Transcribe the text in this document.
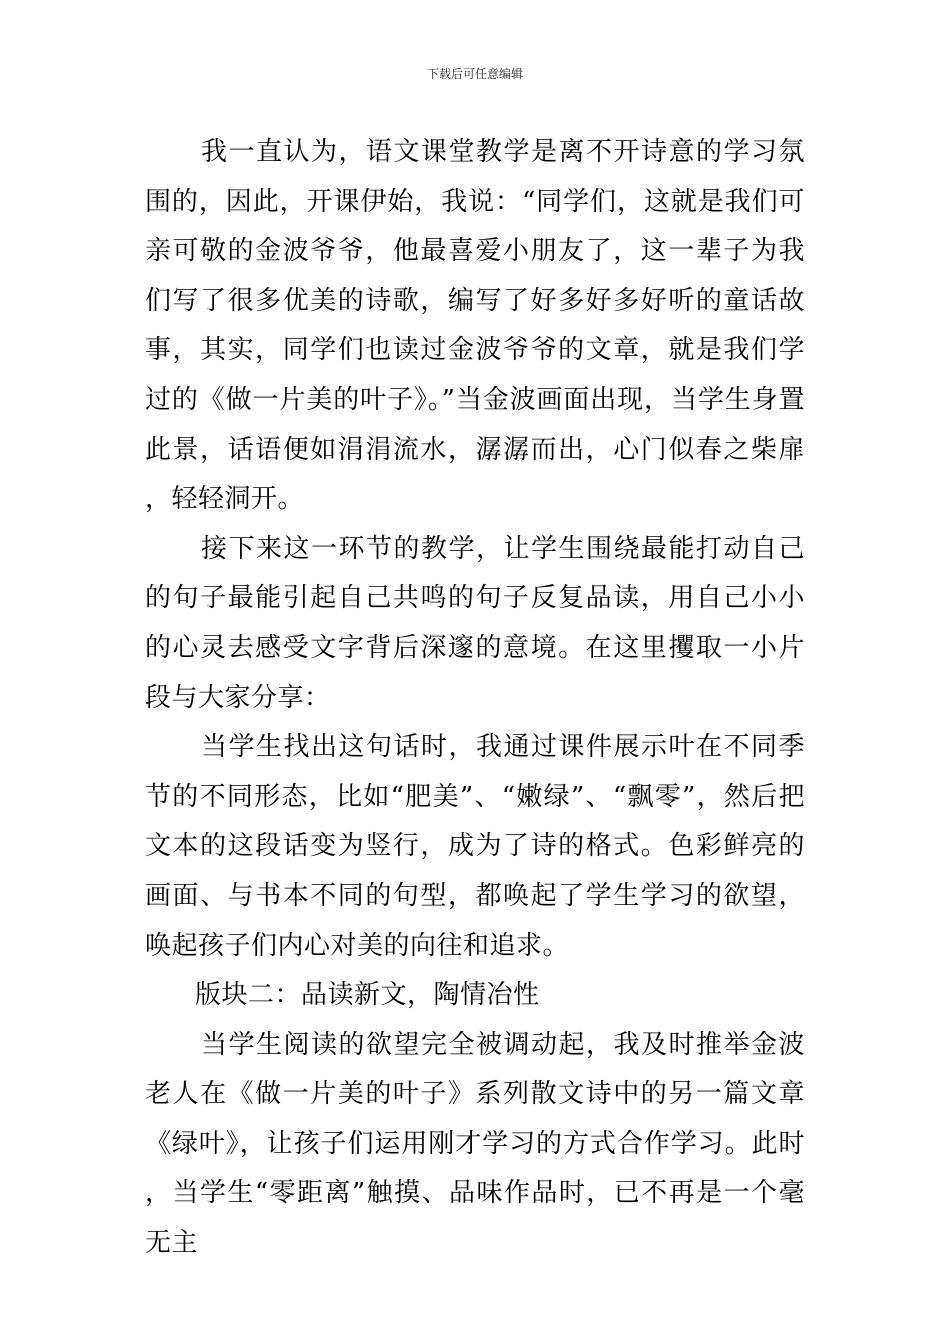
下载后可任意编辑

我一直认为，语文课堂教学是离不开诗意的学习氛围的，因此，开课伊始，我说：“同学们，这就是我们可亲可敬的金波爷爷，他最喜爱小朋友了，这一辈子为我们写了很多优美的诗歌，编写了好多好多好听的童话故事，其实，同学们也读过金波爷爷的文章，就是我们学过的《做一片美的叶子》。”当金波画面出现，当学生身置此景，话语便如涓涓流水，潺潺而出，心门似春之柴扉，轻轻洞开。

接下来这一环节的教学，让学生围绕最能打动自己的句子最能引起自己共鸣的句子反复品读，用自己小小的心灵去感受文字背后深邃的意境。在这里攫取一小片段与大家分享：

当学生找出这句话时，我通过课件展示叶在不同季节的不同形态，比如“肥美”、“嫩绿”、“飘零”，然后把文本的这段话变为竖行，成为了诗的格式。色彩鲜亮的画面、与书本不同的句型，都唤起了学生学习的欲望，唤起孩子们内心对美的向往和追求。

版块二：品读新文，陶情冶性

当学生阅读的欲望完全被调动起，我及时推举金波老人在《做一片美的叶子》系列散文诗中的另一篇文章《绿叶》，让孩子们运用刚才学习的方式合作学习。此时，当学生“零距离”触摸、品味作品时，已不再是一个毫无主
